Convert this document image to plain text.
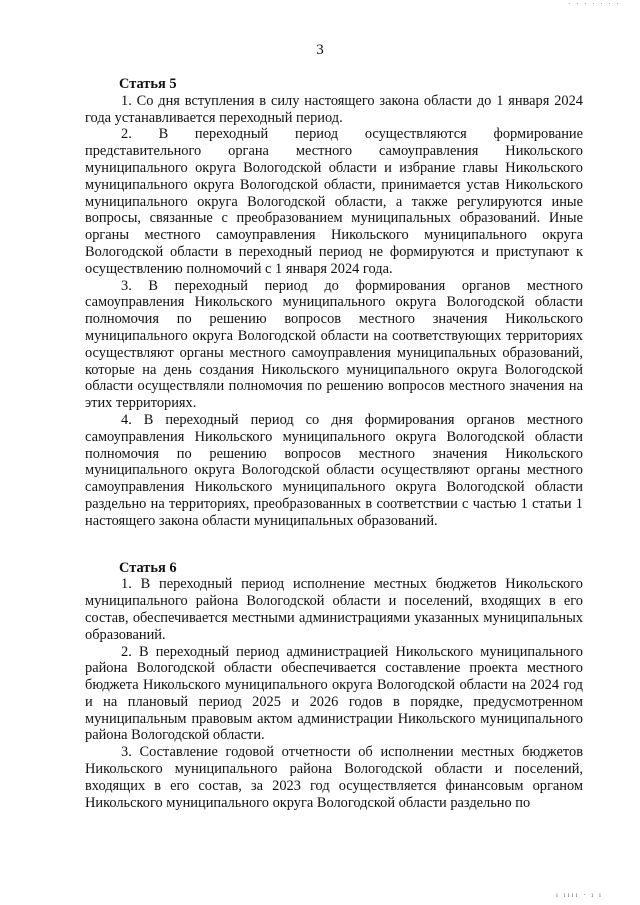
· · · · · · ·
3

Статья 5

1. Со дня вступления в силу настоящего закона области до 1 января 2024 года устанавливается переходный период.

2. В переходный период осуществляются формирование представительного органа местного самоуправления Никольского муниципального округа Вологодской области и избрание главы Никольского муниципального округа Вологодской области, принимается устав Никольского муниципального округа Вологодской области, а также регулируются иные вопросы, связанные с преобразованием муниципальных образований. Иные органы местного самоуправления Никольского муниципального округа Вологодской области в переходный период не формируются и приступают к осуществлению полномочий с 1 января 2024 года.

3. В переходный период до формирования органов местного самоуправления Никольского муниципального округа Вологодской области полномочия по решению вопросов местного значения Никольского муниципального округа Вологодской области на соответствующих территориях осуществляют органы местного самоуправления муниципальных образований, которые на день создания Никольского муниципального округа Вологодской области осуществляли полномочия по решению вопросов местного значения на этих территориях.

4. В переходный период со дня формирования органов местного самоуправления Никольского муниципального округа Вологодской области полномочия по решению вопросов местного значения Никольского муниципального округа Вологодской области осуществляют органы местного самоуправления Никольского муниципального округа Вологодской области раздельно на территориях, преобразованных в соответствии с частью 1 статьи 1 настоящего закона области муниципальных образований.

Статья 6

1. В переходный период исполнение местных бюджетов Никольского муниципального района Вологодской области и поселений, входящих в его состав, обеспечивается местными администрациями указанных муниципальных образований.

2. В переходный период администрацией Никольского муниципального района Вологодской области обеспечивается составление проекта местного бюджета Никольского муниципального округа Вологодской области на 2024 год и на плановый период 2025 и 2026 годов в порядке, предусмотренном муниципальным правовым актом администрации Никольского муниципального района Вологодской области.

3. Составление годовой отчетности об исполнении местных бюджетов Никольского муниципального района Вологодской области и поселений, входящих в его состав, за 2023 год осуществляется финансовым органом Никольского муниципального округа Вологодской области раздельно по

ı ıııı · ı ı
